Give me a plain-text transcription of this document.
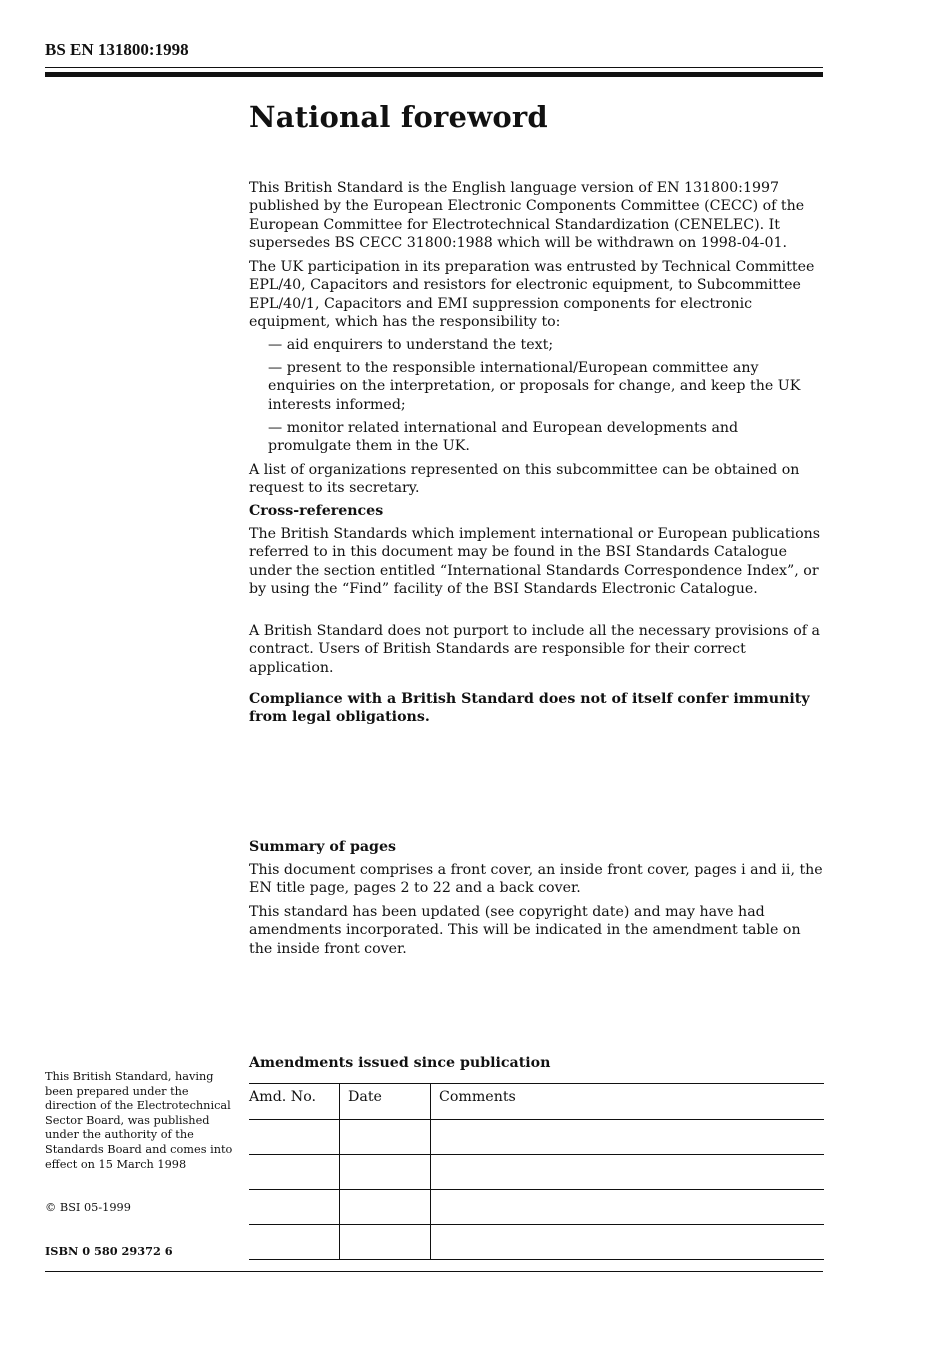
BS EN 131800:1998
National foreword
This British Standard is the English language version of EN 131800:1997 published by the European Electronic Components Committee (CECC) of the European Committee for Electrotechnical Standardization (CENELEC). It supersedes BS CECC 31800:1988 which will be withdrawn on 1998-04-01.
The UK participation in its preparation was entrusted by Technical Committee EPL/40, Capacitors and resistors for electronic equipment, to Subcommittee EPL/40/1, Capacitors and EMI suppression components for electronic equipment, which has the responsibility to:
— aid enquirers to understand the text;
— present to the responsible international/European committee any enquiries on the interpretation, or proposals for change, and keep the UK interests informed;
— monitor related international and European developments and promulgate them in the UK.
A list of organizations represented on this subcommittee can be obtained on request to its secretary.
Cross-references
The British Standards which implement international or European publications referred to in this document may be found in the BSI Standards Catalogue under the section entitled “International Standards Correspondence Index”, or by using the “Find” facility of the BSI Standards Electronic Catalogue.
A British Standard does not purport to include all the necessary provisions of a contract. Users of British Standards are responsible for their correct application.
Compliance with a British Standard does not of itself confer immunity from legal obligations.
Summary of pages
This document comprises a front cover, an inside front cover, pages i and ii, the EN title page, pages 2 to 22 and a back cover.
This standard has been updated (see copyright date) and may have had amendments incorporated. This will be indicated in the amendment table on the inside front cover.
This British Standard, having been prepared under the direction of the Electrotechnical Sector Board, was published under the authority of the Standards Board and comes into effect on 15 March 1998
© BSI 05-1999
ISBN 0 580 29372 6
Amendments issued since publication
Amd. No.	Date	Comments
